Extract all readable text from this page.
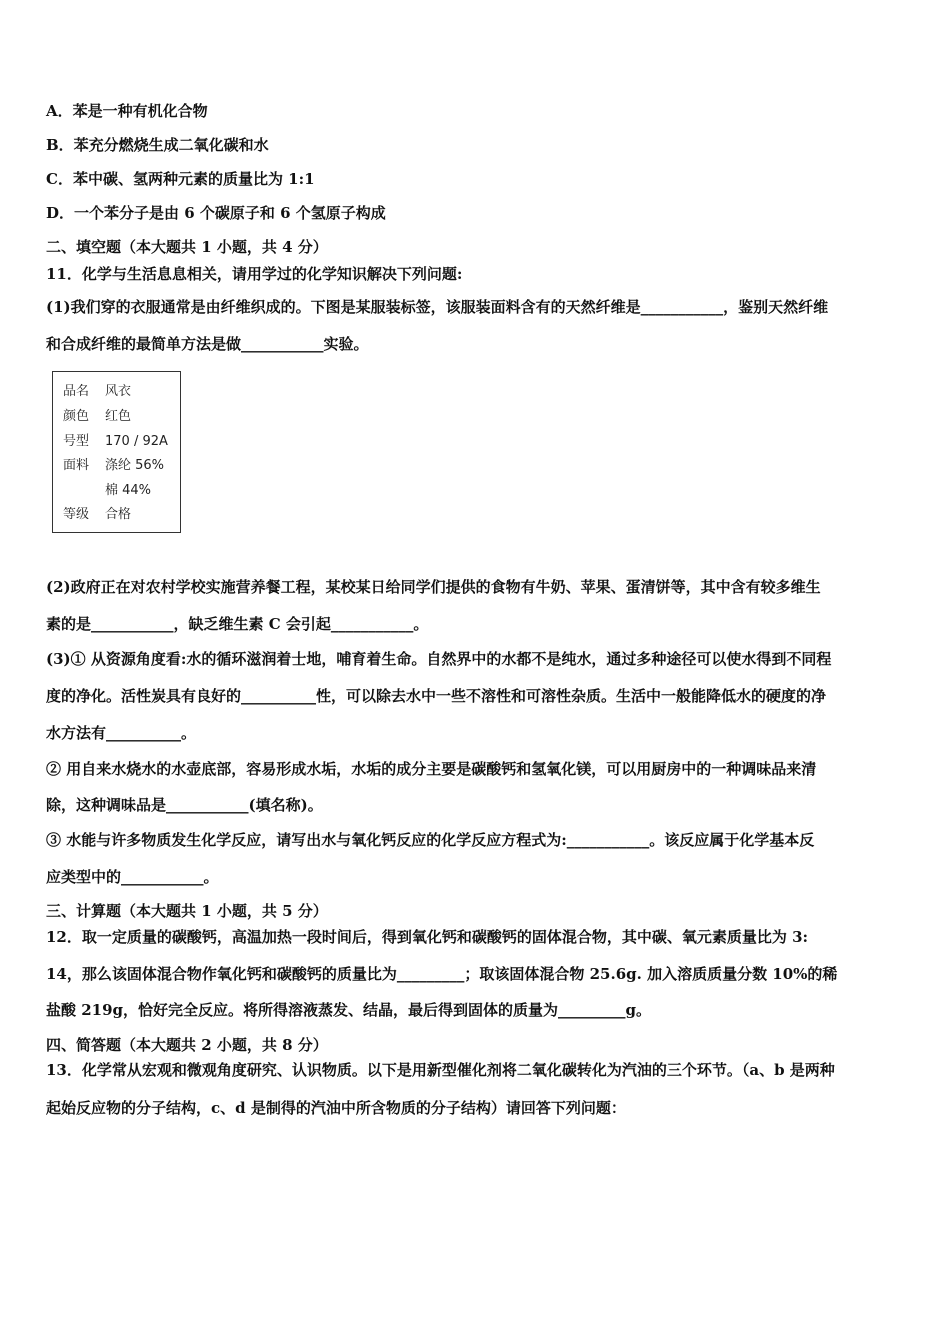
A．苯是一种有机化合物
B．苯充分燃烧生成二氧化碳和水
C．苯中碳、氢两种元素的质量比为 1:1
D．一个苯分子是由 6 个碳原子和 6 个氢原子构成
二、填空题（本大题共 1 小题，共 4 分）
11．化学与生活息息相关，请用学过的化学知识解决下列问题:
(1)我们穿的衣服通常是由纤维织成的。下图是某服装标签，该服装面料含有的天然纤维是___________，鉴别天然纤维
和合成纤维的最简单方法是做___________实验。
品名 风衣
颜色 红色
号型 170 / 92A
面料 涤纶 56%
棉 44%
等级 合格
(2)政府正在对农村学校实施营养餐工程，某校某日给同学们提供的食物有牛奶、苹果、蛋清饼等，其中含有较多维生
素的是___________，缺乏维生素 C 会引起___________。
(3)① 从资源角度看:水的循环滋润着士地，哺育着生命。自然界中的水都不是纯水，通过多种途径可以使水得到不同程
度的净化。活性炭具有良好的__________性，可以除去水中一些不溶性和可溶性杂质。生活中一般能降低水的硬度的净
水方法有__________。
② 用自来水烧水的水壶底部，容易形成水垢，水垢的成分主要是碳酸钙和氢氧化镁，可以用厨房中的一种调味品来清
除，这种调味品是___________(填名称)。
③ 水能与许多物质发生化学反应，请写出水与氧化钙反应的化学反应方程式为:___________。该反应属于化学基本反
应类型中的___________。
三、计算题（本大题共 1 小题，共 5 分）
12．取一定质量的碳酸钙，高温加热一段时间后，得到氧化钙和碳酸钙的固体混合物，其中碳、氧元素质量比为 3:
14，那么该固体混合物作氧化钙和碳酸钙的质量比为_________；取该固体混合物 25.6g. 加入溶质质量分数 10%的稀
盐酸 219g，恰好完全反应。将所得溶液蒸发、结晶，最后得到固体的质量为_________g。
四、简答题（本大题共 2 小题，共 8 分）
13．化学常从宏观和微观角度研究、认识物质。以下是用新型催化剂将二氧化碳转化为汽油的三个环节。（a、b 是两种
起始反应物的分子结构，c、d 是制得的汽油中所含物质的分子结构）请回答下列问题：
